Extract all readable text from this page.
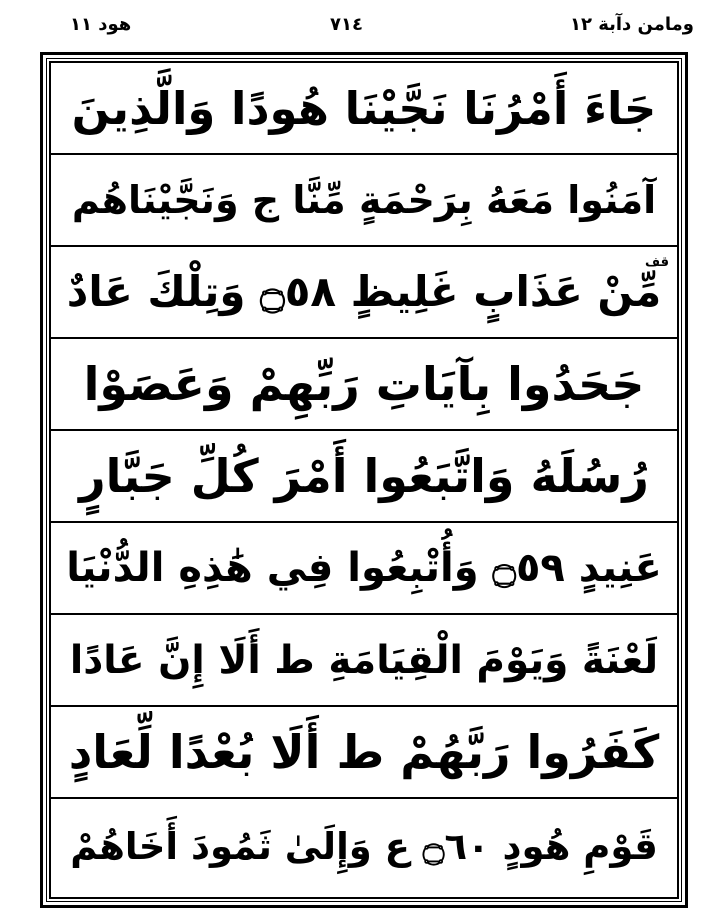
ومامن دآبة ١٢
٧١٤
هود ١١
جَاءَ أَمْرُنَا نَجَّيْنَا هُودًا وَالَّذِينَ
آمَنُوا مَعَهُ بِرَحْمَةٍ مِّنَّا ج وَنَجَّيْنَاهُم
مِّنْ عَذَابٍ غَلِيظٍ ۝٥٨ وَتِلْكَ عَادٌ
قف
جَحَدُوا بِآيَاتِ رَبِّهِمْ وَعَصَوْا
رُسُلَهُ وَاتَّبَعُوا أَمْرَ كُلِّ جَبَّارٍ
عَنِيدٍ ۝٥٩ وَأُتْبِعُوا فِي هَٰذِهِ الدُّنْيَا
لَعْنَةً وَيَوْمَ الْقِيَامَةِ ط أَلَا إِنَّ عَادًا
كَفَرُوا رَبَّهُمْ ط أَلَا بُعْدًا لِّعَادٍ
قَوْمِ هُودٍ ۝٦٠ ع وَإِلَىٰ ثَمُودَ أَخَاهُمْ
